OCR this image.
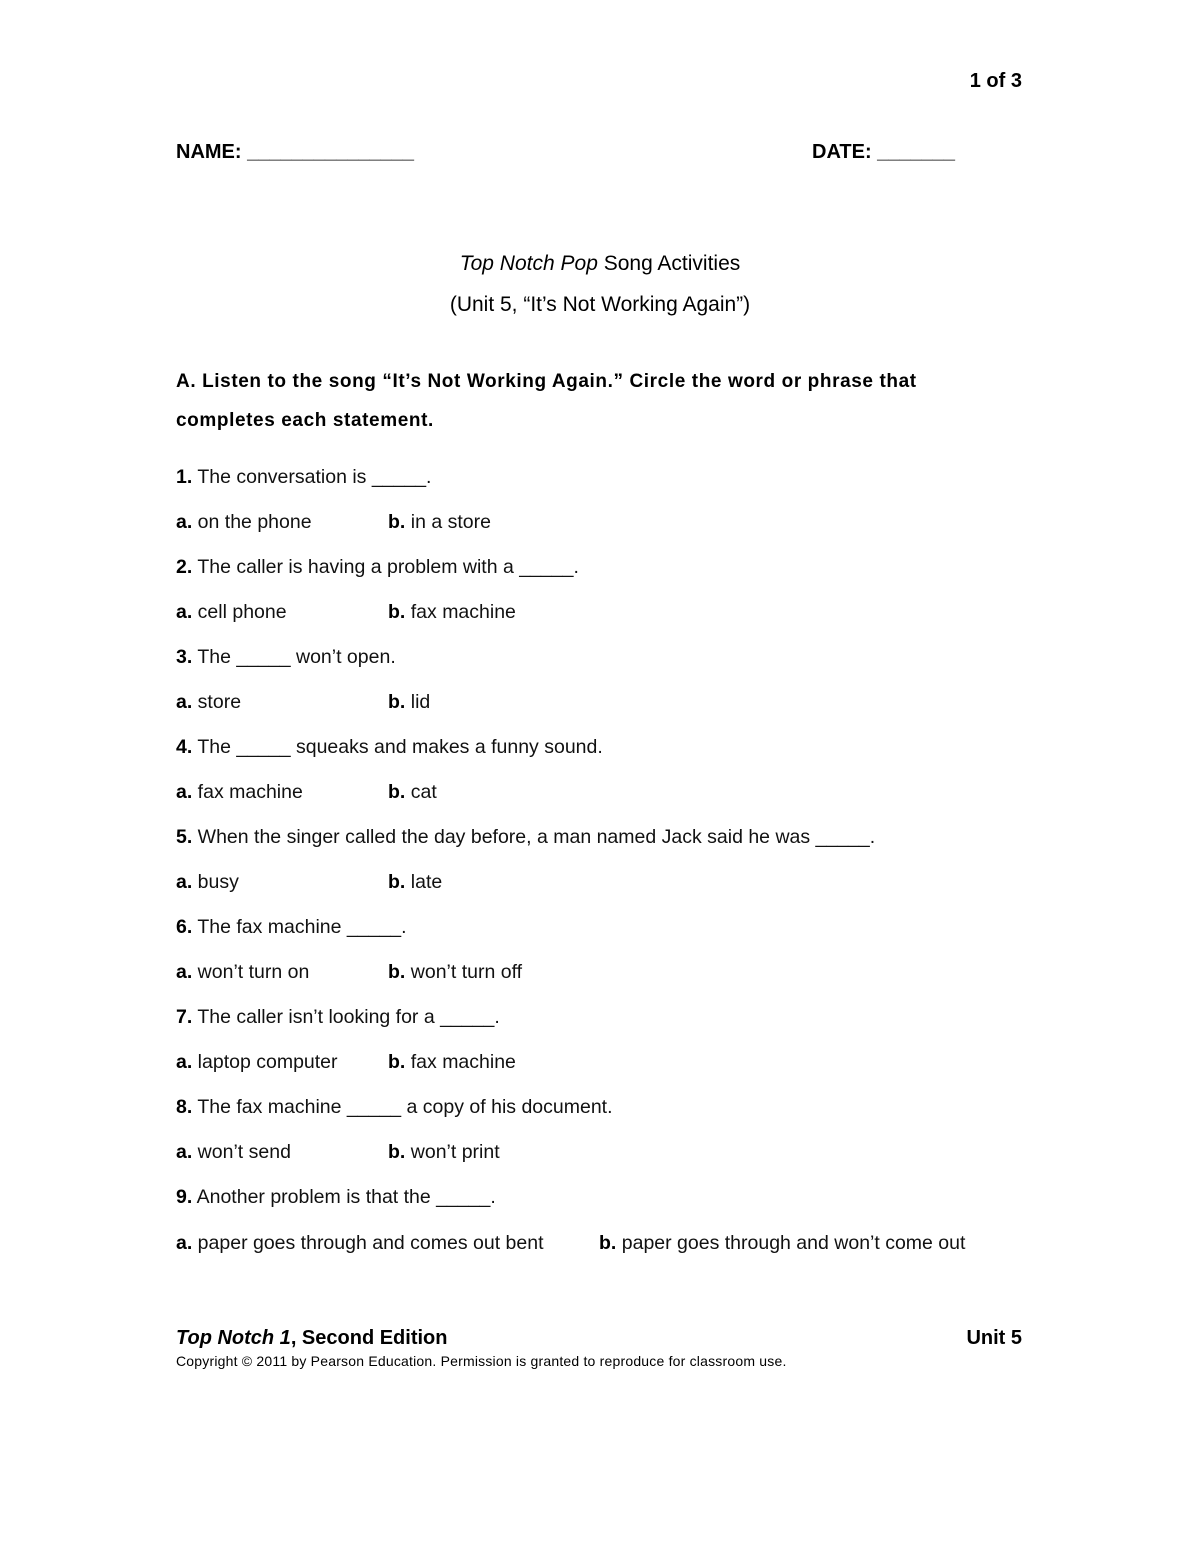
1 of 3
NAME: _______________	DATE: _______
Top Notch Pop Song Activities
(Unit 5, “It’s Not Working Again”)
A. Listen to the song “It’s Not Working Again.” Circle the word or phrase that
completes each statement.
1. The conversation is _____.
a. on the phone	b. in a store
2. The caller is having a problem with a _____.
a. cell phone	b. fax machine
3. The _____ won’t open.
a. store	b. lid
4. The _____ squeaks and makes a funny sound.
a. fax machine	b. cat
5. When the singer called the day before, a man named Jack said he was _____.
a. busy	b. late
6. The fax machine _____.
a. won’t turn on	b. won’t turn off
7. The caller isn’t looking for a _____.
a. laptop computer	b. fax machine
8. The fax machine _____ a copy of his document.
a. won’t send	b. won’t print
9. Another problem is that the _____.
a. paper goes through and comes out bent	b. paper goes through and won’t come out
Top Notch 1, Second Edition	Unit 5
Copyright © 2011 by Pearson Education. Permission is granted to reproduce for classroom use.
